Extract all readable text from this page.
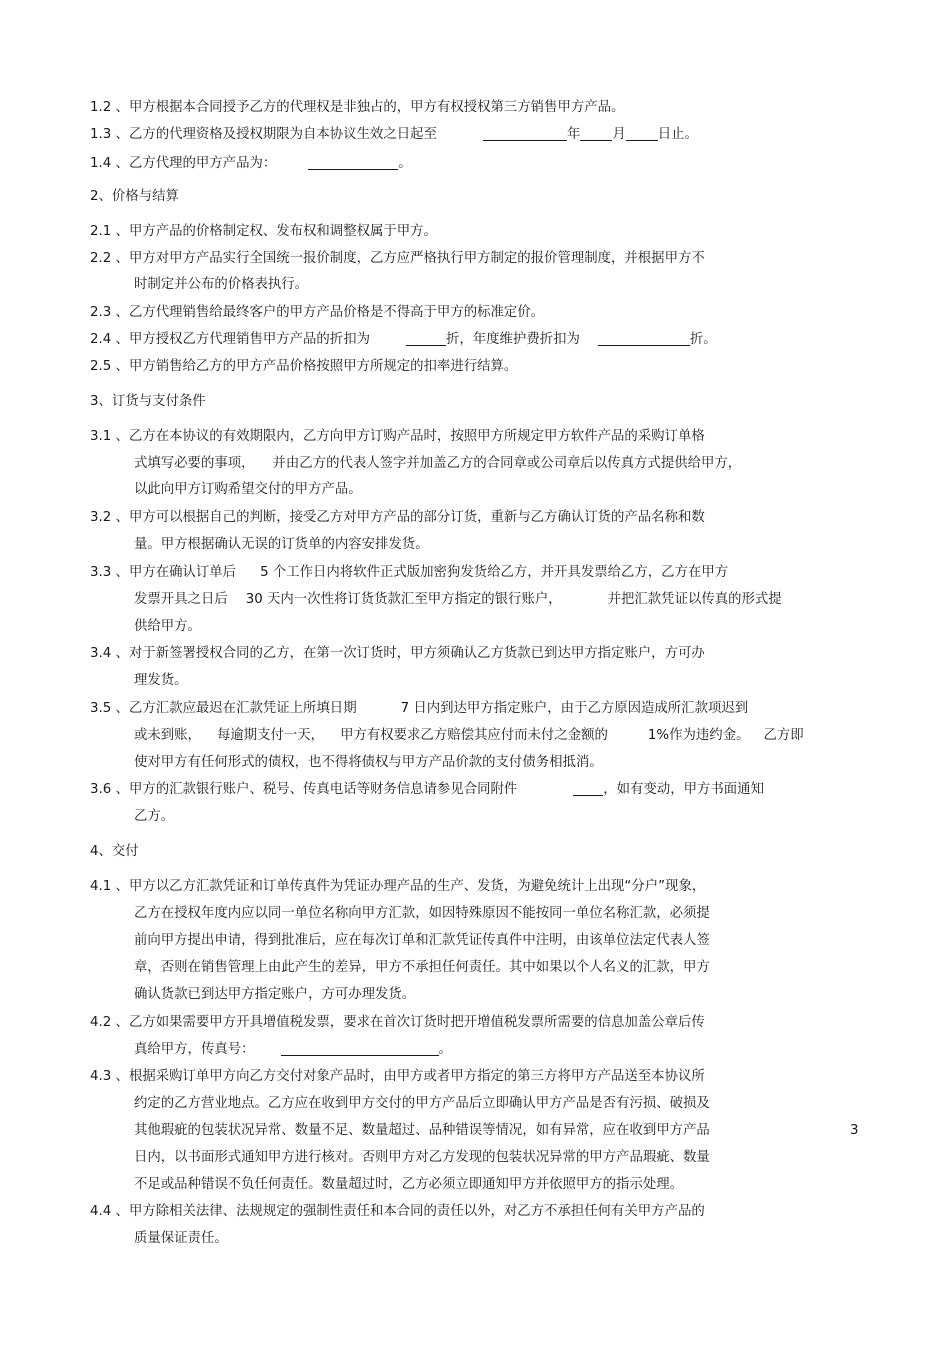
1.2 、甲方根据本合同授予乙方的代理权是非独占的，甲方有权授权第三方销售甲方产品。
1.3 、乙方的代理资格及授权期限为自本协议生效之日起至	年 月 日止。
1.4 、乙方代理的甲方产品为：	。
2、价格与结算
2.1 、甲方产品的价格制定权、发布权和调整权属于甲方。
2.2 、甲方对甲方产品实行全国统一报价制度，乙方应严格执行甲方制定的报价管理制度，并根据甲方不
时制定并公布的价格表执行。
2.3 、乙方代理销售给最终客户的甲方产品价格是不得高于甲方的标准定价。
2.4 、甲方授权乙方代理销售甲方产品的折扣为	折，年度维护费折扣为	折。
2.5 、甲方销售给乙方的甲方产品价格按照甲方所规定的扣率进行结算。
3、订货与支付条件
3.1 、乙方在本协议的有效期限内，乙方向甲方订购产品时，按照甲方所规定甲方软件产品的采购订单格
式填写必要的事项， 并由乙方的代表人签字并加盖乙方的合同章或公司章后以传真方式提供给甲方，
以此向甲方订购希望交付的甲方产品。
3.2 、甲方可以根据自己的判断，接受乙方对甲方产品的部分订货，重新与乙方确认订货的产品名称和数
量。甲方根据确认无误的订货单的内容安排发货。
3.3 、甲方在确认订单后 5 个工作日内将软件正式版加密狗发货给乙方，并开具发票给乙方，乙方在甲方
发票开具之日后 30 天内一次性将订货货款汇至甲方指定的银行账户，	并把汇款凭证以传真的形式提
供给甲方。
3.4 、对于新签署授权合同的乙方，在第一次订货时，甲方须确认乙方货款已到达甲方指定账户，方可办
理发货。
3.5 、乙方汇款应最迟在汇款凭证上所填日期	7 日内到达甲方指定账户，由于乙方原因造成所汇款项迟到
或未到账， 每逾期支付一天， 甲方有权要求乙方赔偿其应付而未付之金额的	1%作为违约金。 乙方即
使对甲方有任何形式的债权，也不得将债权与甲方产品价款的支付债务相抵消。
3.6 、甲方的汇款银行账户、税号、传真电话等财务信息请参见合同附件	，如有变动，甲方书面通知
乙方。
4、交付
4.1 、甲方以乙方汇款凭证和订单传真件为凭证办理产品的生产、发货，为避免统计上出现“分户”现象，
乙方在授权年度内应以同一单位名称向甲方汇款，如因特殊原因不能按同一单位名称汇款，必须提
前向甲方提出申请，得到批准后，应在每次订单和汇款凭证传真件中注明，由该单位法定代表人签
章，否则在销售管理上由此产生的差异，甲方不承担任何责任。其中如果以个人名义的汇款，甲方
确认货款已到达甲方指定账户，方可办理发货。
4.2 、乙方如果需要甲方开具增值税发票，要求在首次订货时把开增值税发票所需要的信息加盖公章后传
真给甲方，传真号：	。
4.3 、根据采购订单甲方向乙方交付对象产品时，由甲方或者甲方指定的第三方将甲方产品送至本协议所
约定的乙方营业地点。乙方应在收到甲方交付的甲方产品后立即确认甲方产品是否有污损、破损及
其他瑕疵的包装状况异常、数量不足、数量超过、品种错误等情况，如有异常，应在收到甲方产品	3
日内，以书面形式通知甲方进行核对。否则甲方对乙方发现的包装状况异常的甲方产品瑕疵、数量
不足或品种错误不负任何责任。数量超过时，乙方必须立即通知甲方并依照甲方的指示处理。
4.4 、甲方除相关法律、法规规定的强制性责任和本合同的责任以外，对乙方不承担任何有关甲方产品的
质量保证责任。
